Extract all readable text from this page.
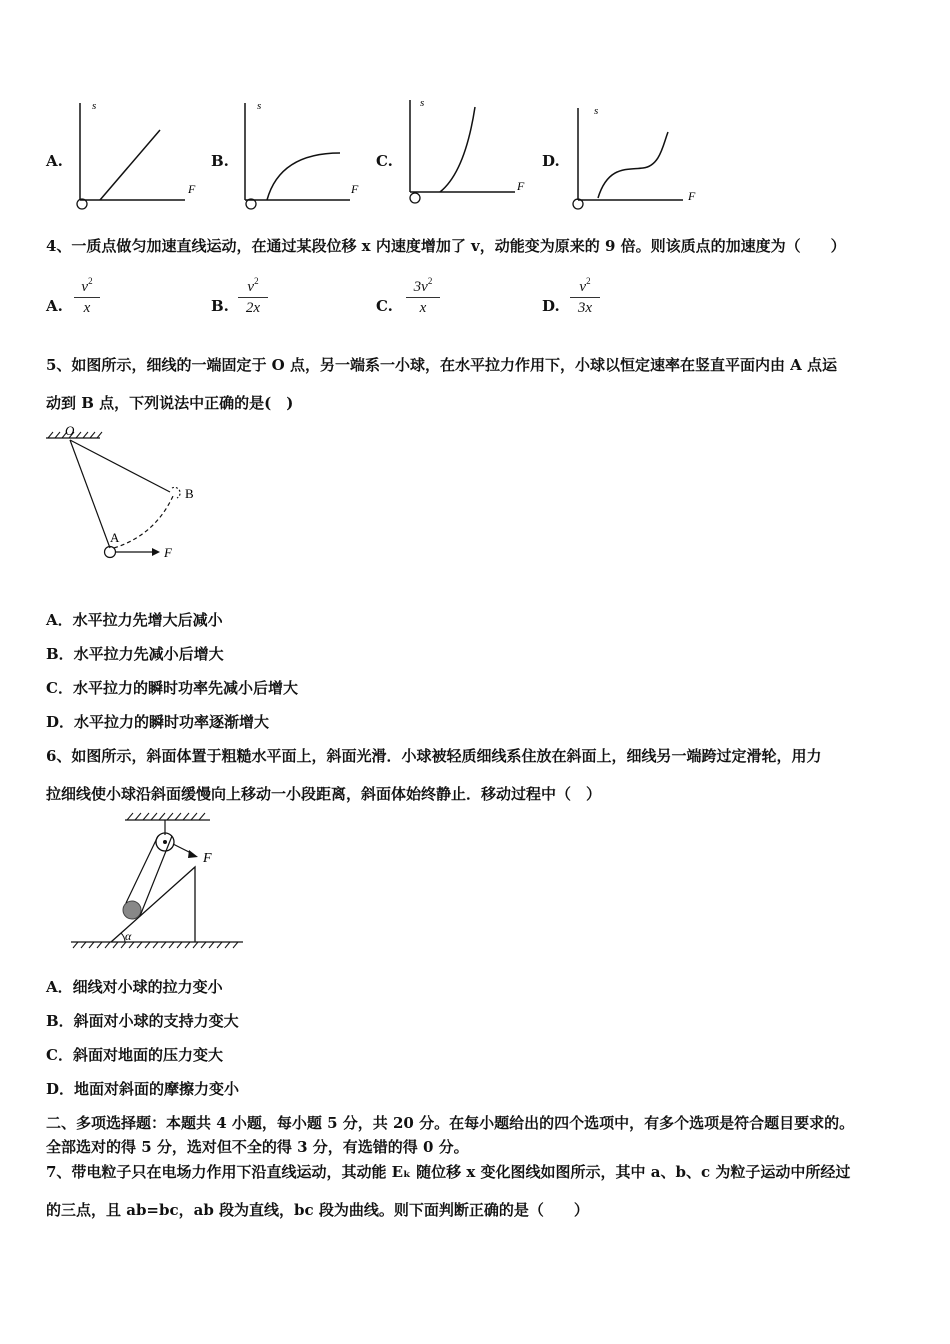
A.
s
F
B.
s
F
C.
s
F
D.
s
F
4、一质点做匀加速直线运动，在通过某段位移 x 内速度增加了 v，动能变为原来的 9 倍。则该质点的加速度为（　　）
A.
$v^2$
x	B.
$v^2$
2x	C.
$3v^2$
x	D.
$v^2$
3x
5、如图所示，细线的一端固定于 O 点，另一端系一小球，在水平拉力作用下，小球以恒定速率在竖直平面内由 A 点运
动到 B 点，下列说法中正确的是(　)
O
A
B
F
A．水平拉力先增大后减小
B．水平拉力先减小后增大
C．水平拉力的瞬时功率先减小后增大
D．水平拉力的瞬时功率逐渐增大
6、如图所示，斜面体置于粗糙水平面上，斜面光滑．小球被轻质细线系住放在斜面上，细线另一端跨过定滑轮，用力
拉细线使小球沿斜面缓慢向上移动一小段距离，斜面体始终静止．移动过程中（　）
F
α
A．细线对小球的拉力变小
B．斜面对小球的支持力变大
C．斜面对地面的压力变大
D．地面对斜面的摩擦力变小
二、多项选择题：本题共 4 小题，每小题 5 分，共 20 分。在每小题给出的四个选项中，有多个选项是符合题目要求的。
全部选对的得 5 分，选对但不全的得 3 分，有选错的得 0 分。
7、带电粒子只在电场力作用下沿直线运动，其动能 Eₖ 随位移 x 变化图线如图所示，其中 a、b、c 为粒子运动中所经过
的三点，且 ab=bc，ab 段为直线，bc 段为曲线。则下面判断正确的是（　　）
